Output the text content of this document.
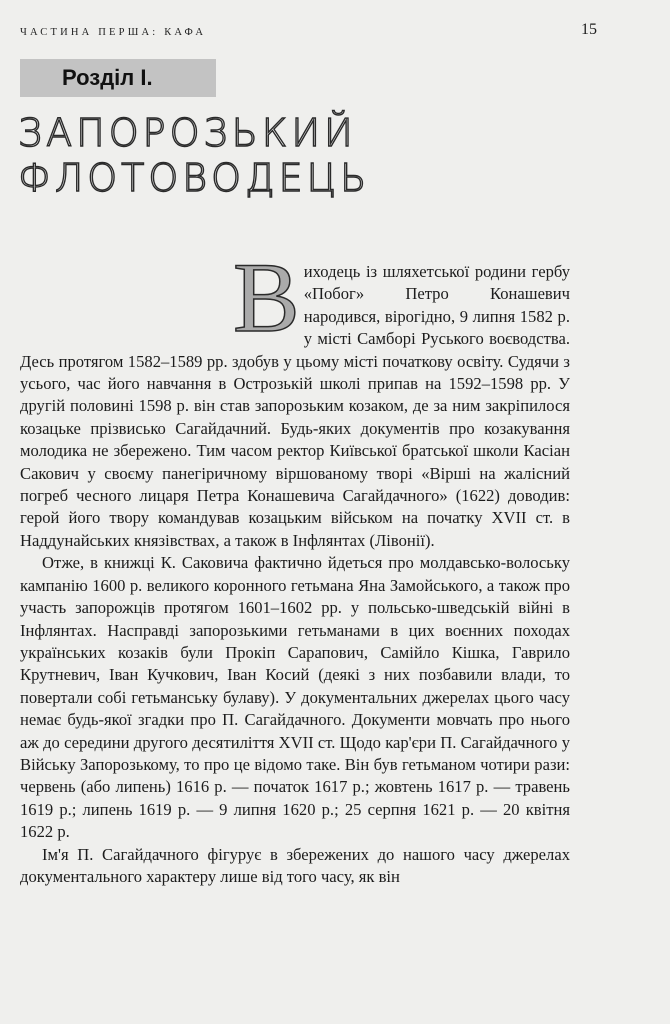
ЧАСТИНА ПЕРША: КАФА	15
Розділ I.
ЗАПОРОЗЬКИЙ
ФЛОТОВОДЕЦЬ

Виходець із шляхетської родини гербу «Побог» Петро Конашевич народився, вірогідно, 9 липня 1582 р. у місті Самборі Руського воєводства. Десь протягом 1582–1589 рр. здобув у цьому місті початкову освіту. Судячи з усього, час його навчання в Острозькій школі припав на 1592–1598 рр. У другій половині 1598 р. він став запорозьким козаком, де за ним закріпилося козацьке прізвисько Сагайдачний. Будь-яких документів про козакування молодика не збережено. Тим часом ректор Київської братської школи Касіан Сакович у своєму панегіричному віршованому творі «Вірші на жалісний погреб чесного лицаря Петра Конашевича Сагайдачного» (1622) доводив: герой його твору командував козацьким військом на початку XVII ст. в Наддунайських князівствах, а також в Інфлянтах (Лівонії).

Отже, в книжці К. Саковича фактично йдеться про молдавсько-волоську кампанію 1600 р. великого коронного гетьмана Яна Замойського, а також про участь запорожців протягом 1601–1602 рр. у польсько-шведській війні в Інфлянтах. Насправді запорозькими гетьманами в цих воєнних походах українських козаків були Прокіп Сарапович, Самійло Кішка, Гаврило Крутневич, Іван Кучкович, Іван Косий (деякі з них позбавили влади, то повертали собі гетьманську булаву). У документальних джерелах цього часу немає будь-якої згадки про П. Сагайдачного. Документи мовчать про нього аж до середини другого десятиліття XVII ст. Щодо кар'єри П. Сагайдачного у Війську Запорозькому, то про це відомо таке. Він був гетьманом чотири рази: червень (або липень) 1616 р. — початок 1617 р.; жовтень 1617 р. — травень 1619 р.; липень 1619 р. — 9 липня 1620 р.; 25 серпня 1621 р. — 20 квітня 1622 р.

Ім'я П. Сагайдачного фігурує в збережених до нашого часу джерелах документального характеру лише від того часу, як він
